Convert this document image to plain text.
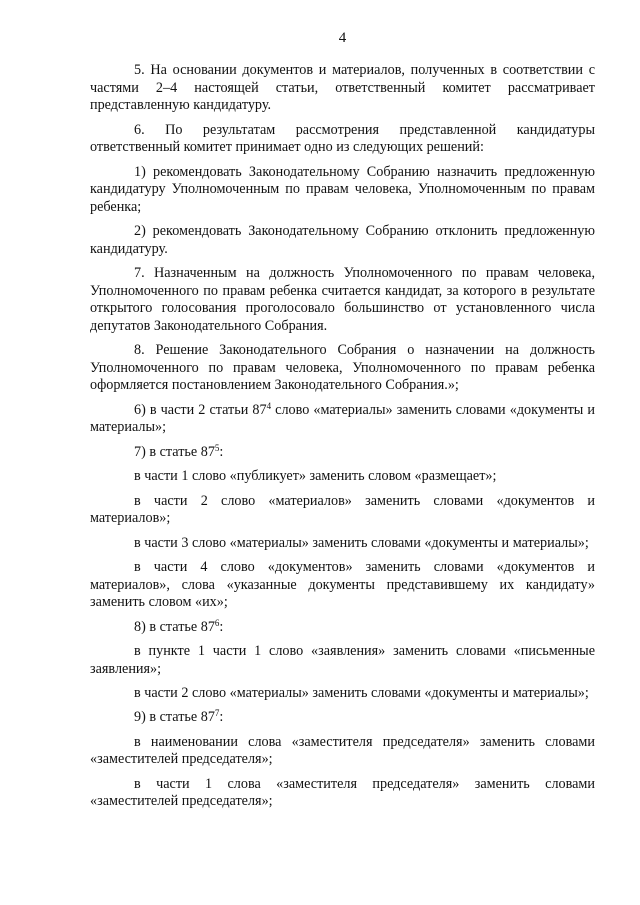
4

5. На основании документов и материалов, полученных в соответствии с частями 2–4 настоящей статьи, ответственный комитет рассматривает представленную кандидатуру.

6. По результатам рассмотрения представленной кандидатуры ответственный комитет принимает одно из следующих решений:

1) рекомендовать Законодательному Собранию назначить предложенную кандидатуру Уполномоченным по правам человека, Уполномоченным по правам ребенка;

2) рекомендовать Законодательному Собранию отклонить предложенную кандидатуру.

7. Назначенным на должность Уполномоченного по правам человека, Уполномоченного по правам ребенка считается кандидат, за которого в результате открытого голосования проголосовало большинство от установленного числа депутатов Законодательного Собрания.

8. Решение Законодательного Собрания о назначении на должность Уполномоченного по правам человека, Уполномоченного по правам ребенка оформляется постановлением Законодательного Собрания.»;

6) в части 2 статьи $87^4$ слово «материалы» заменить словами «документы и материалы»;

7) в статье $87^5$:

в части 1 слово «публикует» заменить словом «размещает»;

в части 2 слово «материалов» заменить словами «документов и материалов»;

в части 3 слово «материалы» заменить словами «документы и материалы»;

в части 4 слово «документов» заменить словами «документов и материалов», слова «указанные документы представившему их кандидату» заменить словом «их»;

8) в статье $87^6$:

в пункте 1 части 1 слово «заявления» заменить словами «письменные заявления»;

в части 2 слово «материалы» заменить словами «документы и материалы»;

9) в статье $87^7$:

в наименовании слова «заместителя председателя» заменить словами «заместителей председателя»;

в части 1 слова «заместителя председателя» заменить словами «заместителей председателя»;
